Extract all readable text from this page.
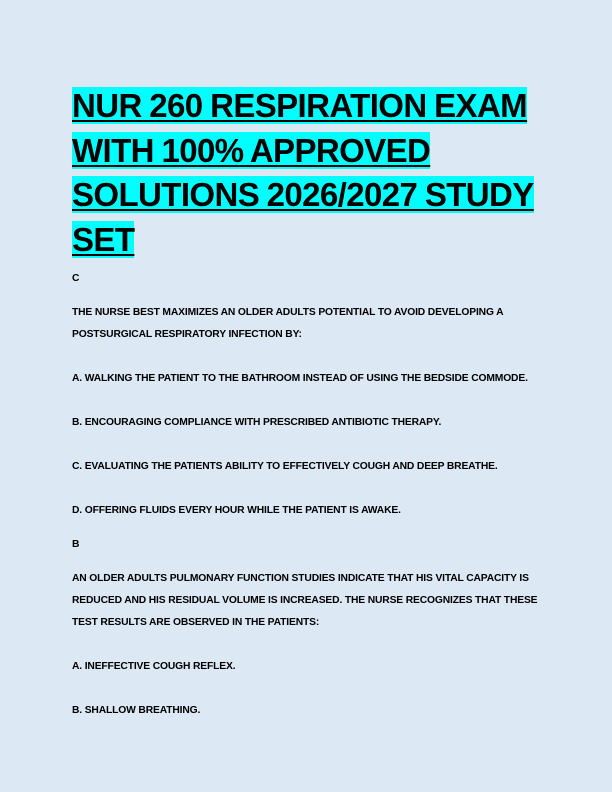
NUR 260 RESPIRATION EXAM WITH 100% APPROVED SOLUTIONS 2026/2027 STUDY SET

C

THE NURSE BEST MAXIMIZES AN OLDER ADULTS POTENTIAL TO AVOID DEVELOPING A

POSTSURGICAL RESPIRATORY INFECTION BY:

A. WALKING THE PATIENT TO THE BATHROOM INSTEAD OF USING THE BEDSIDE COMMODE.

B. ENCOURAGING COMPLIANCE WITH PRESCRIBED ANTIBIOTIC THERAPY.

C. EVALUATING THE PATIENTS ABILITY TO EFFECTIVELY COUGH AND DEEP BREATHE.

D. OFFERING FLUIDS EVERY HOUR WHILE THE PATIENT IS AWAKE.

B

AN OLDER ADULTS PULMONARY FUNCTION STUDIES INDICATE THAT HIS VITAL CAPACITY IS

REDUCED AND HIS RESIDUAL VOLUME IS INCREASED. THE NURSE RECOGNIZES THAT THESE

TEST RESULTS ARE OBSERVED IN THE PATIENTS:

A. INEFFECTIVE COUGH REFLEX.

B. SHALLOW BREATHING.
